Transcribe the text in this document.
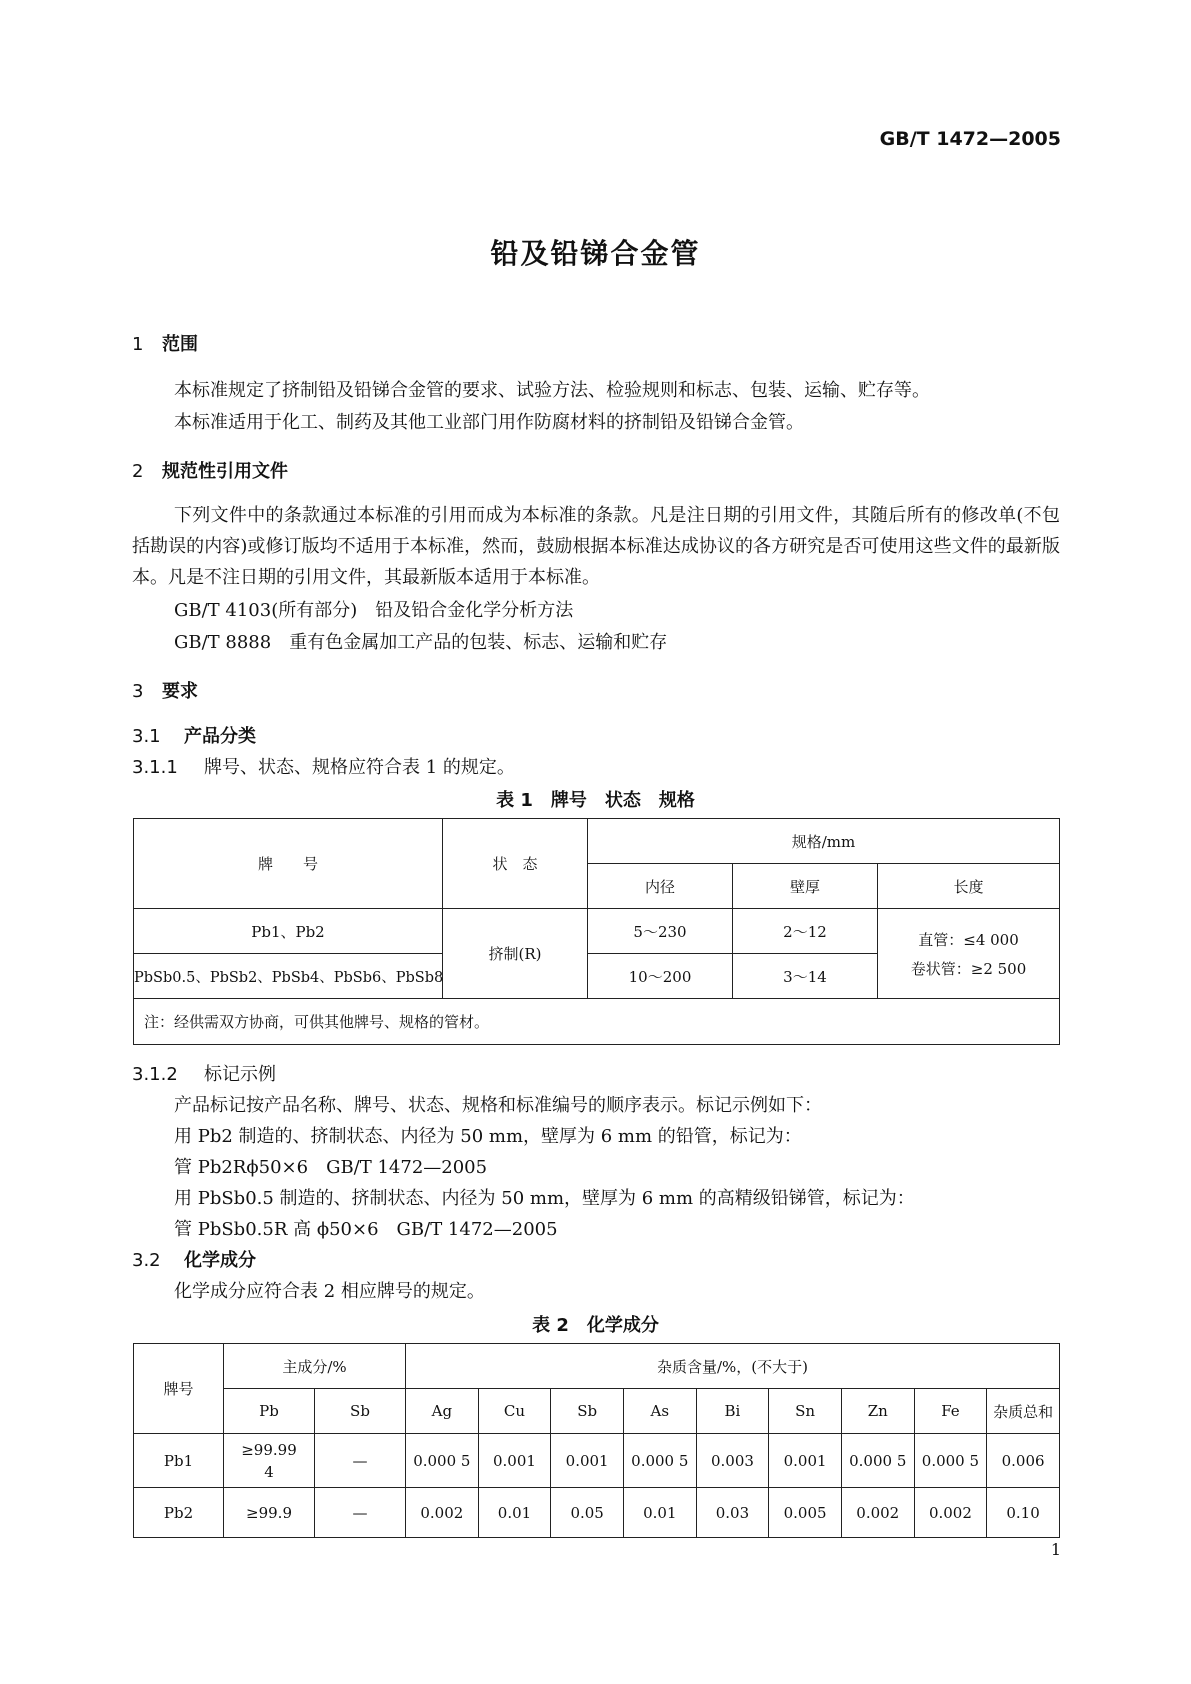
GB/T 1472—2005
铅及铅锑合金管
1 范围
本标准规定了挤制铅及铅锑合金管的要求、试验方法、检验规则和标志、包装、运输、贮存等。
本标准适用于化工、制药及其他工业部门用作防腐材料的挤制铅及铅锑合金管。
2 规范性引用文件
下列文件中的条款通过本标准的引用而成为本标准的条款。凡是注日期的引用文件，其随后所有的修改单(不包括勘误的内容)或修订版均不适用于本标准，然而，鼓励根据本标准达成协议的各方研究是否可使用这些文件的最新版本。凡是不注日期的引用文件，其最新版本适用于本标准。
GB/T 4103(所有部分)　铅及铅合金化学分析方法
GB/T 8888　重有色金属加工产品的包装、标志、运输和贮存
3 要求
3.1 产品分类
3.1.1 牌号、状态、规格应符合表 1 的规定。
表 1　牌号　状态　规格
牌　　号	状　态	规格/mm		
		内径	壁厚	长度
Pb1、Pb2	挤制(R)	5～230	2～12	直管：≤4 000
卷状管：≥2 500

PbSb0.5、PbSb2、PbSb4、PbSb6、PbSb8		10～200	3～14	
注：经供需双方协商，可供其他牌号、规格的管材。				
3.1.2 标记示例
产品标记按产品名称、牌号、状态、规格和标准编号的顺序表示。标记示例如下：
用 Pb2 制造的、挤制状态、内径为 50 mm，壁厚为 6 mm 的铅管，标记为：
管 Pb2Rϕ50×6　GB/T 1472—2005
用 PbSb0.5 制造的、挤制状态、内径为 50 mm，壁厚为 6 mm 的高精级铅锑管，标记为：
管 PbSb0.5R 高 ϕ50×6　GB/T 1472—2005
3.2 化学成分
化学成分应符合表 2 相应牌号的规定。
表 2　化学成分
牌号	主成分/%		杂质含量/%，(不大于)								
	Pb	Sb	Ag	Cu	Sb	As	Bi	Sn	Zn	Fe	杂质总和
Pb1	≥99.99
4	—	0.000 5	0.001	0.001	0.000 5	0.003	0.001	0.000 5	0.000 5	0.006
Pb2	≥99.9	—	0.002	0.01	0.05	0.01	0.03	0.005	0.002	0.002	0.10
1
